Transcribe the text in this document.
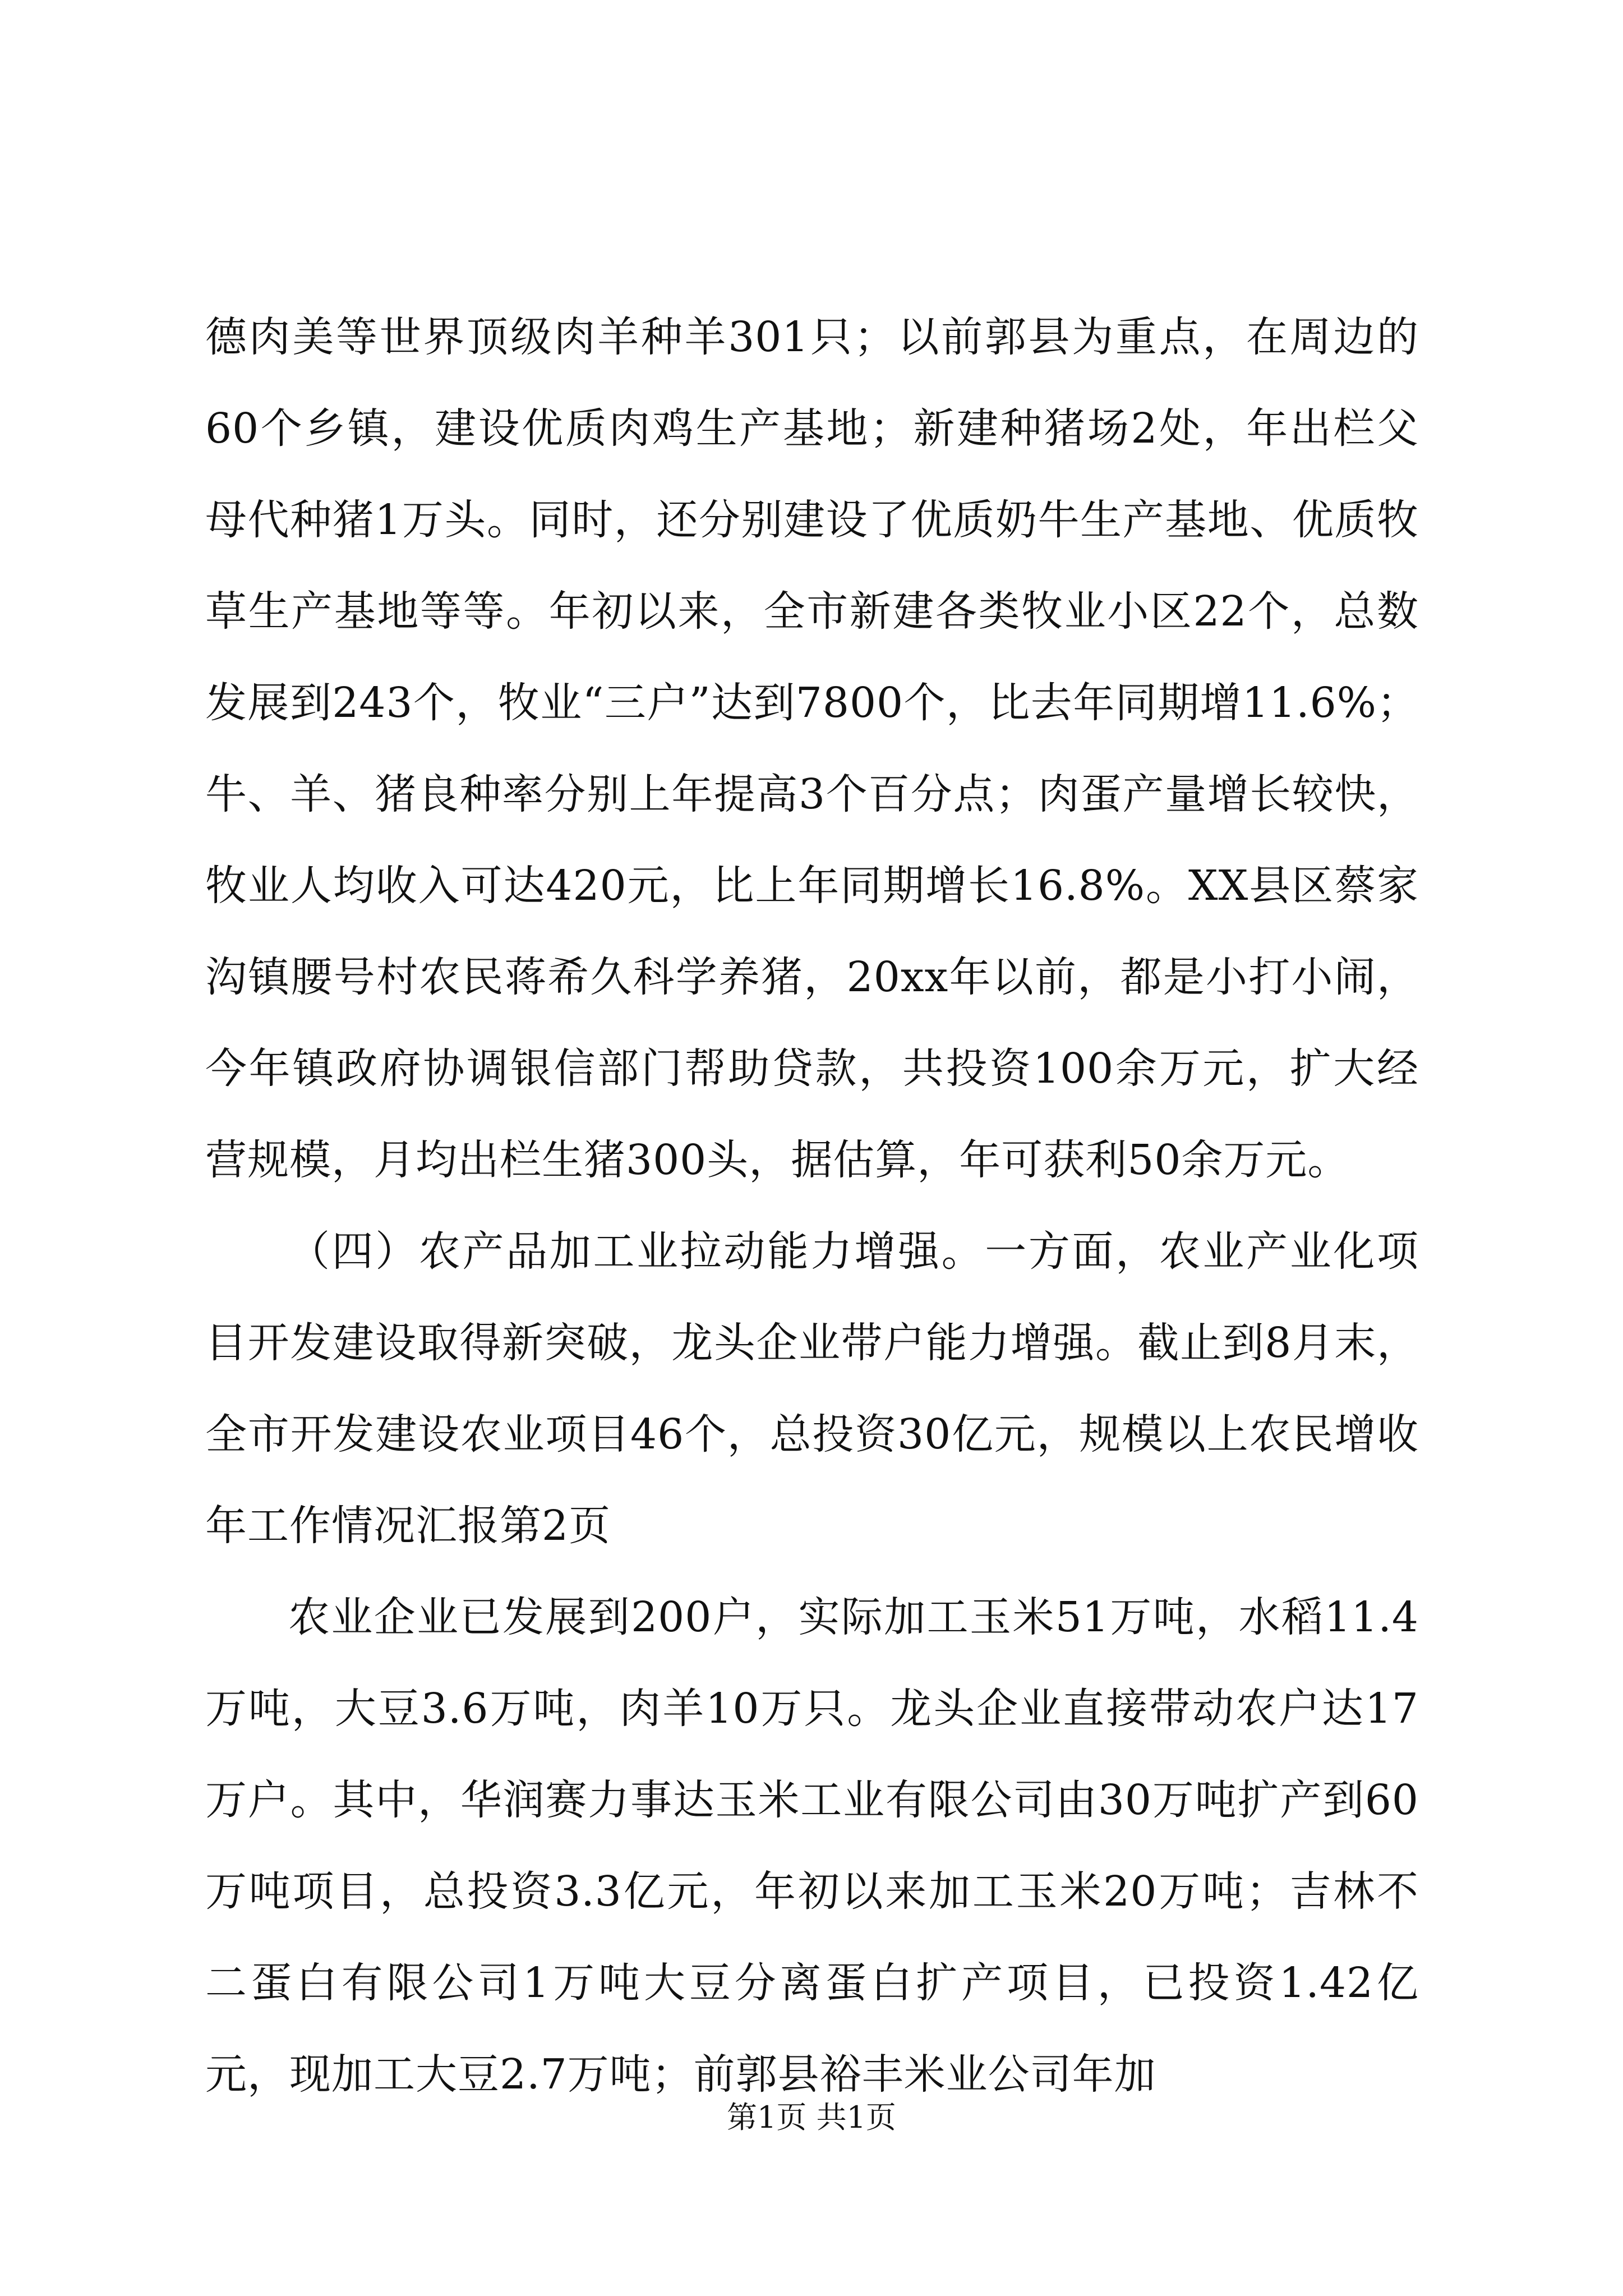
德肉美等世界顶级肉羊种羊301只；以前郭县为重点，在周边的60个乡镇，建设优质肉鸡生产基地；新建种猪场2处，年出栏父母代种猪1万头。同时，还分别建设了优质奶牛生产基地、优质牧草生产基地等等。年初以来，全市新建各类牧业小区22个，总数发展到243个，牧业“三户”达到7800个，比去年同期增11.6%；牛、羊、猪良种率分别上年提高3个百分点；肉蛋产量增长较快，牧业人均收入可达420元，比上年同期增长16.8%。XX县区蔡家沟镇腰号村农民蒋希久科学养猪，20xx年以前，都是小打小闹，今年镇政府协调银信部门帮助贷款，共投资100余万元，扩大经营规模，月均出栏生猪300头，据估算，年可获利50余万元。

（四）农产品加工业拉动能力增强。一方面，农业产业化项目开发建设取得新突破，龙头企业带户能力增强。截止到8月末，全市开发建设农业项目46个，总投资30亿元，规模以上农民增收年工作情况汇报第2页

农业企业已发展到200户，实际加工玉米51万吨，水稻11.4万吨，大豆3.6万吨，肉羊10万只。龙头企业直接带动农户达17万户。其中，华润赛力事达玉米工业有限公司由30万吨扩产到60万吨项目，总投资3.3亿元，年初以来加工玉米20万吨；吉林不二蛋白有限公司1万吨大豆分离蛋白扩产项目，已投资1.42亿元，现加工大豆2.7万吨；前郭县裕丰米业公司年加

第1页 共1页
